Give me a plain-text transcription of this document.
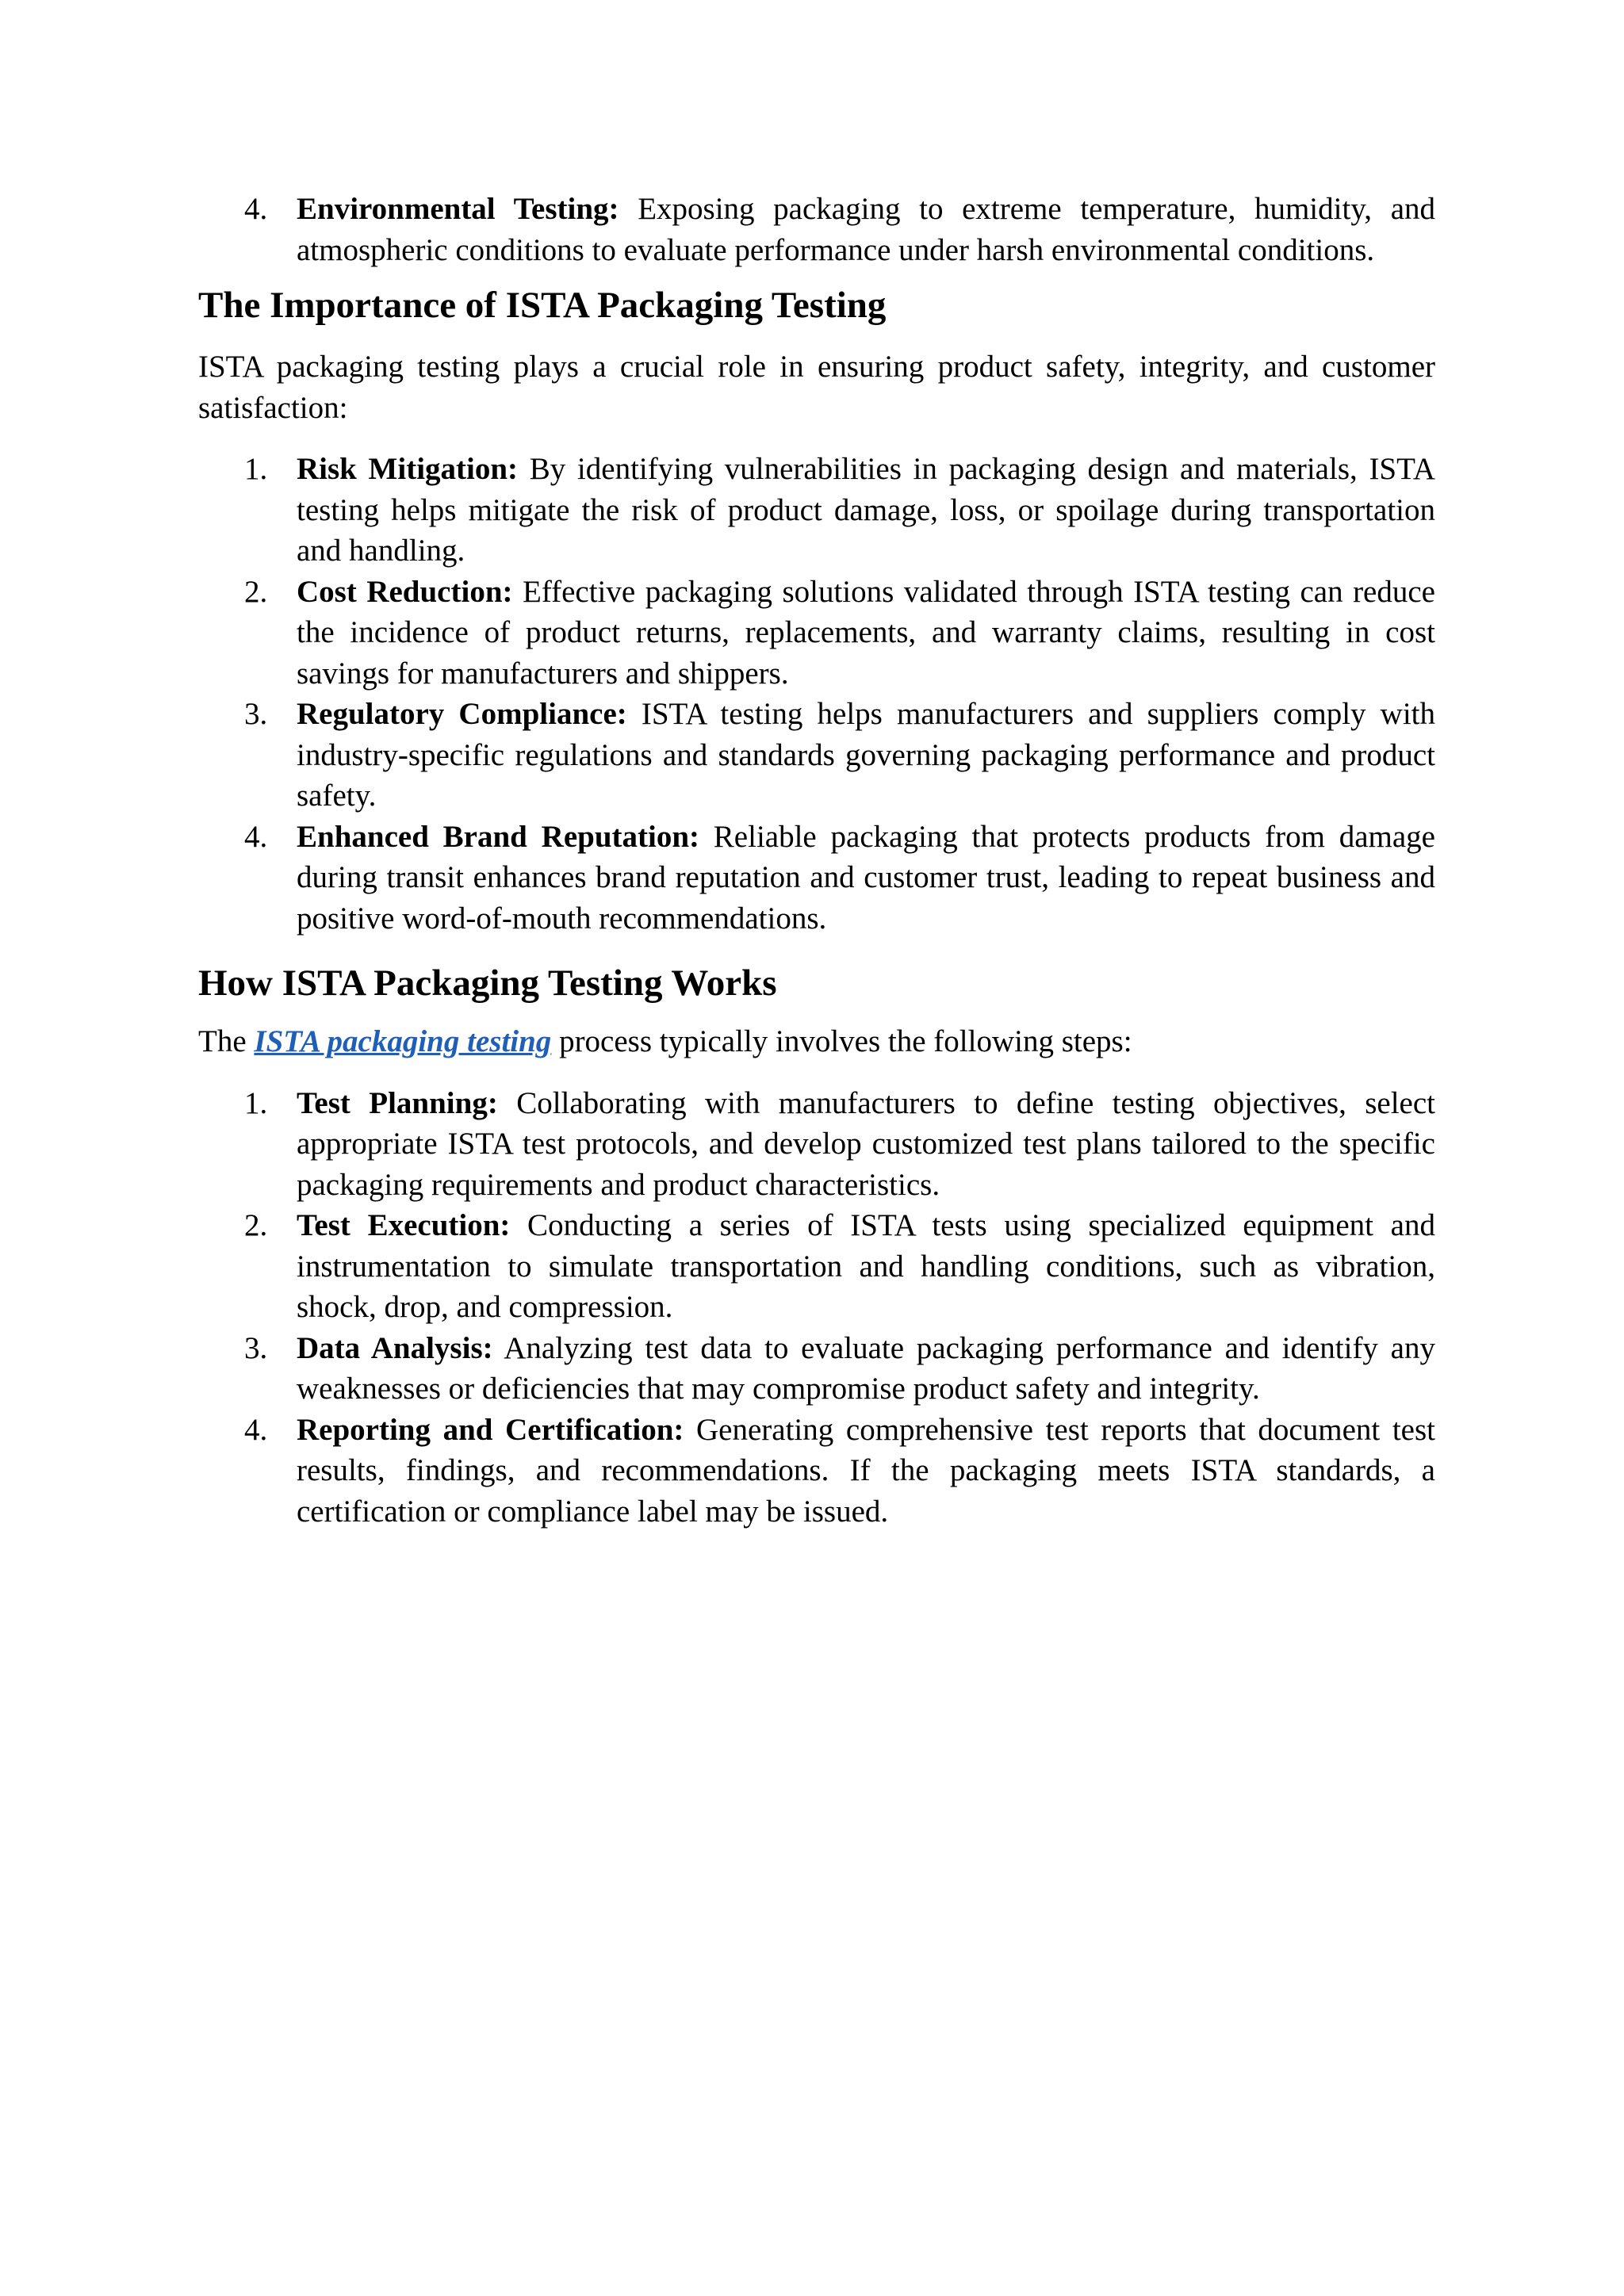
4. Environmental Testing: Exposing packaging to extreme temperature, humidity, and atmospheric conditions to evaluate performance under harsh environmental conditions.
The Importance of ISTA Packaging Testing

ISTA packaging testing plays a crucial role in ensuring product safety, integrity, and customer satisfaction:

1. Risk Mitigation: By identifying vulnerabilities in packaging design and materials, ISTA testing helps mitigate the risk of product damage, loss, or spoilage during transportation and handling.
2. Cost Reduction: Effective packaging solutions validated through ISTA testing can reduce the incidence of product returns, replacements, and warranty claims, resulting in cost savings for manufacturers and shippers.
3. Regulatory Compliance: ISTA testing helps manufacturers and suppliers comply with industry-specific regulations and standards governing packaging performance and product safety.
4. Enhanced Brand Reputation: Reliable packaging that protects products from damage during transit enhances brand reputation and customer trust, leading to repeat business and positive word-of-mouth recommendations.
How ISTA Packaging Testing Works

The ISTA packaging testing process typically involves the following steps:

1. Test Planning: Collaborating with manufacturers to define testing objectives, select appropriate ISTA test protocols, and develop customized test plans tailored to the specific packaging requirements and product characteristics.
2. Test Execution: Conducting a series of ISTA tests using specialized equipment and instrumentation to simulate transportation and handling conditions, such as vibration, shock, drop, and compression.
3. Data Analysis: Analyzing test data to evaluate packaging performance and identify any weaknesses or deficiencies that may compromise product safety and integrity.
4. Reporting and Certification: Generating comprehensive test reports that document test results, findings, and recommendations. If the packaging meets ISTA standards, a certification or compliance label may be issued.
